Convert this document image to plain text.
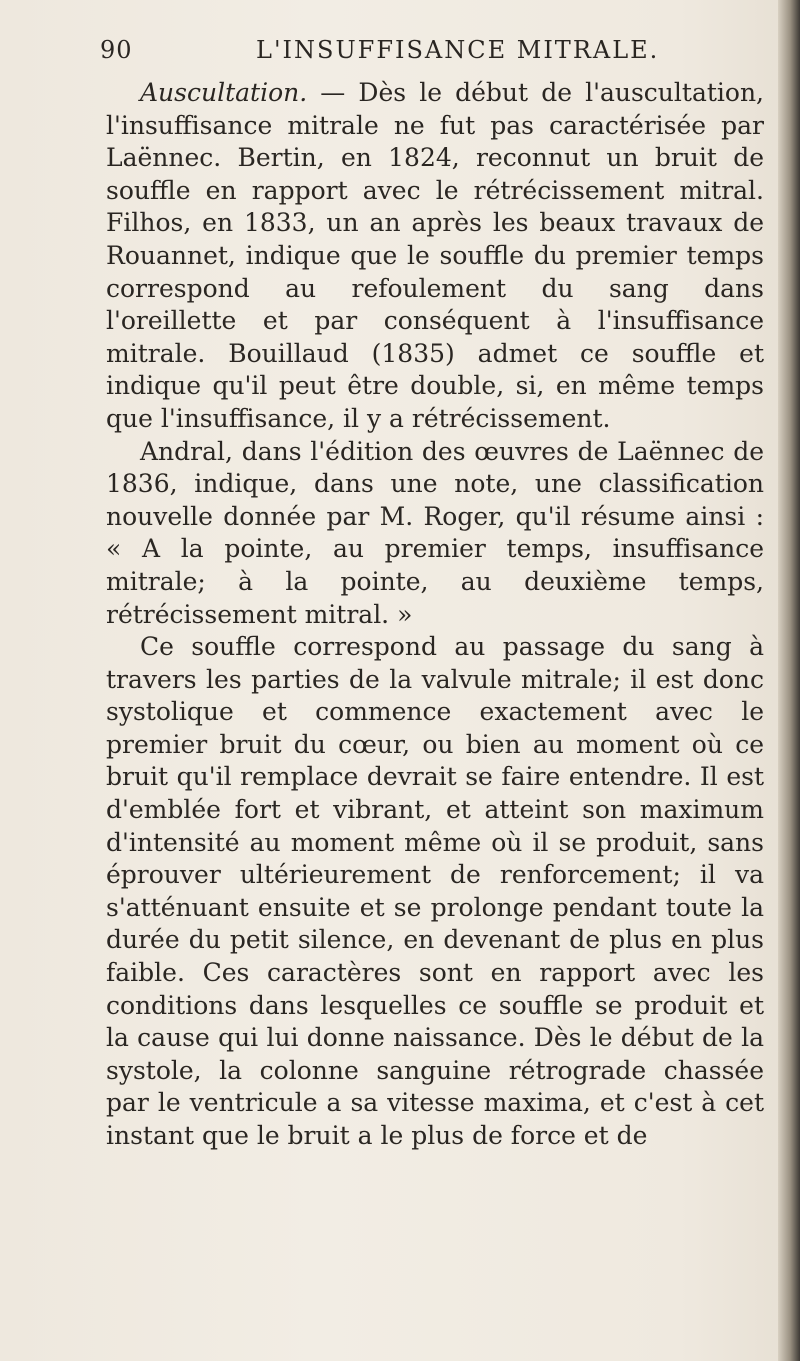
90	L'INSUFFISANCE MITRALE.

Auscultation. — Dès le début de l'auscultation, l'insuffisance mitrale ne fut pas caractérisée par Laënnec. Bertin, en 1824, reconnut un bruit de souffle en rapport avec le rétrécissement mitral. Filhos, en 1833, un an après les beaux travaux de Rouannet, indique que le souffle du premier temps correspond au refoulement du sang dans l'oreillette et par conséquent à l'insuffisance mitrale. Bouillaud (1835) admet ce souffle et indique qu'il peut être double, si, en même temps que l'insuffisance, il y a rétrécissement.

Andral, dans l'édition des œuvres de Laënnec de 1836, indique, dans une note, une classification nouvelle donnée par M. Roger, qu'il résume ainsi : « A la pointe, au premier temps, insuffisance mitrale; à la pointe, au deuxième temps, rétrécissement mitral. »

Ce souffle correspond au passage du sang à travers les parties de la valvule mitrale; il est donc systolique et commence exactement avec le premier bruit du cœur, ou bien au moment où ce bruit qu'il remplace devrait se faire entendre. Il est d'emblée fort et vibrant, et atteint son maximum d'intensité au moment même où il se produit, sans éprouver ultérieurement de renforcement; il va s'atténuant ensuite et se prolonge pendant toute la durée du petit silence, en devenant de plus en plus faible. Ces caractères sont en rapport avec les conditions dans lesquelles ce souffle se produit et la cause qui lui donne naissance. Dès le début de la systole, la colonne sanguine rétrograde chassée par le ventricule a sa vitesse maxima, et c'est à cet instant que le bruit a le plus de force et de
